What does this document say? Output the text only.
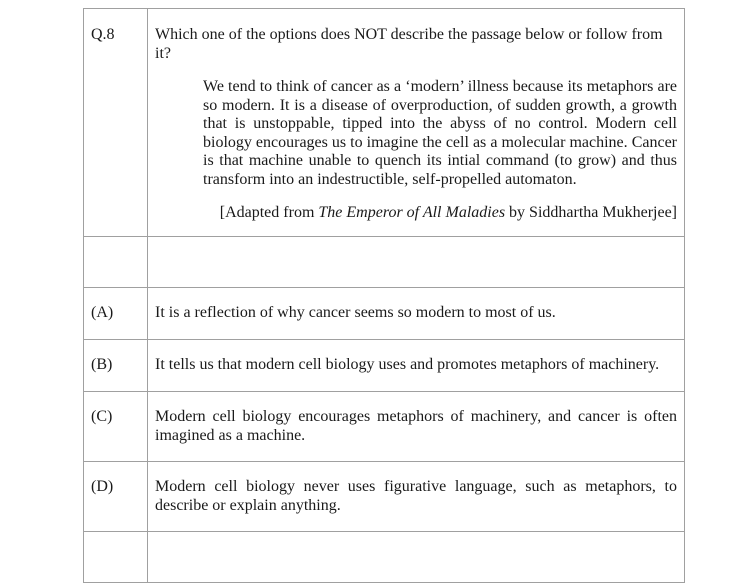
Q.8	Which one of the options does NOT describe the passage below or follow from it?

We tend to think of cancer as a ‘modern’ illness because its metaphors are so modern. It is a disease of overproduction, of sudden growth, a growth that is unstoppable, tipped into the abyss of no control. Modern cell biology encourages us to imagine the cell as a molecular machine. Cancer is that machine unable to quench its intial command (to grow) and thus transform into an indestructible, self-propelled automaton.

[Adapted from The Emperor of All Maladies by Siddhartha Mukherjee]

(A)	It is a reflection of why cancer seems so modern to most of us.

(B)	It tells us that modern cell biology uses and promotes metaphors of machinery.

(C)	Modern cell biology encourages metaphors of machinery, and cancer is often imagined as a machine.

(D)	Modern cell biology never uses figurative language, such as metaphors, to describe or explain anything.
